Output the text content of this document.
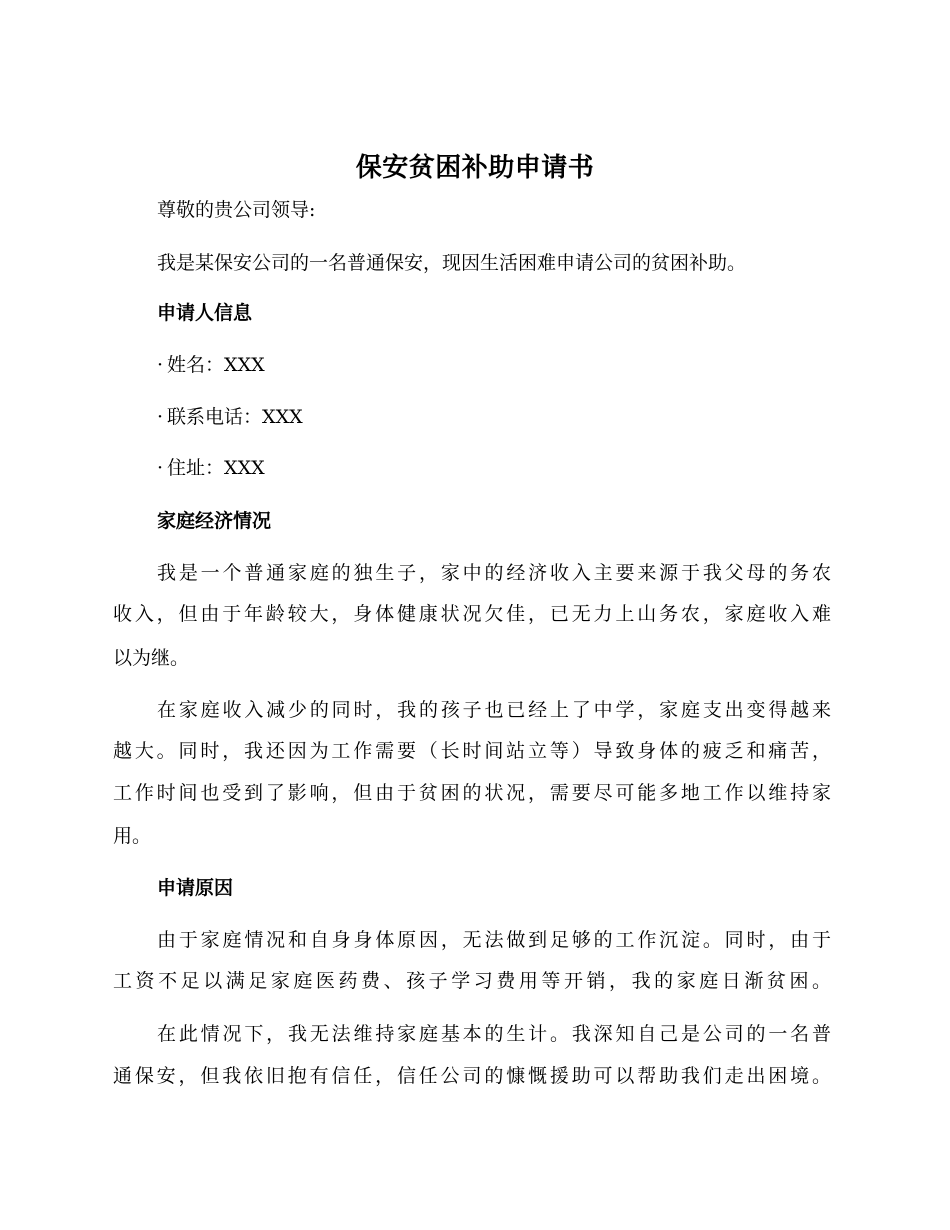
保安贫困补助申请书
尊敬的贵公司领导:
我是某保安公司的一名普通保安，现因生活困难申请公司的贫困补助。
申请人信息
· 姓名：XXX
· 联系电话：XXX
· 住址：XXX
家庭经济情况
我是一个普通家庭的独生子，家中的经济收入主要来源于我父母的务农
收入，但由于年龄较大，身体健康状况欠佳，已无力上山务农，家庭收入难
以为继。
在家庭收入减少的同时，我的孩子也已经上了中学，家庭支出变得越来
越大。同时，我还因为工作需要（长时间站立等）导致身体的疲乏和痛苦，
工作时间也受到了影响，但由于贫困的状况，需要尽可能多地工作以维持家
用。
申请原因
由于家庭情况和自身身体原因，无法做到足够的工作沉淀。同时，由于
工资不足以满足家庭医药费、孩子学习费用等开销，我的家庭日渐贫困。
在此情况下，我无法维持家庭基本的生计。我深知自己是公司的一名普
通保安，但我依旧抱有信任，信任公司的慷慨援助可以帮助我们走出困境。
